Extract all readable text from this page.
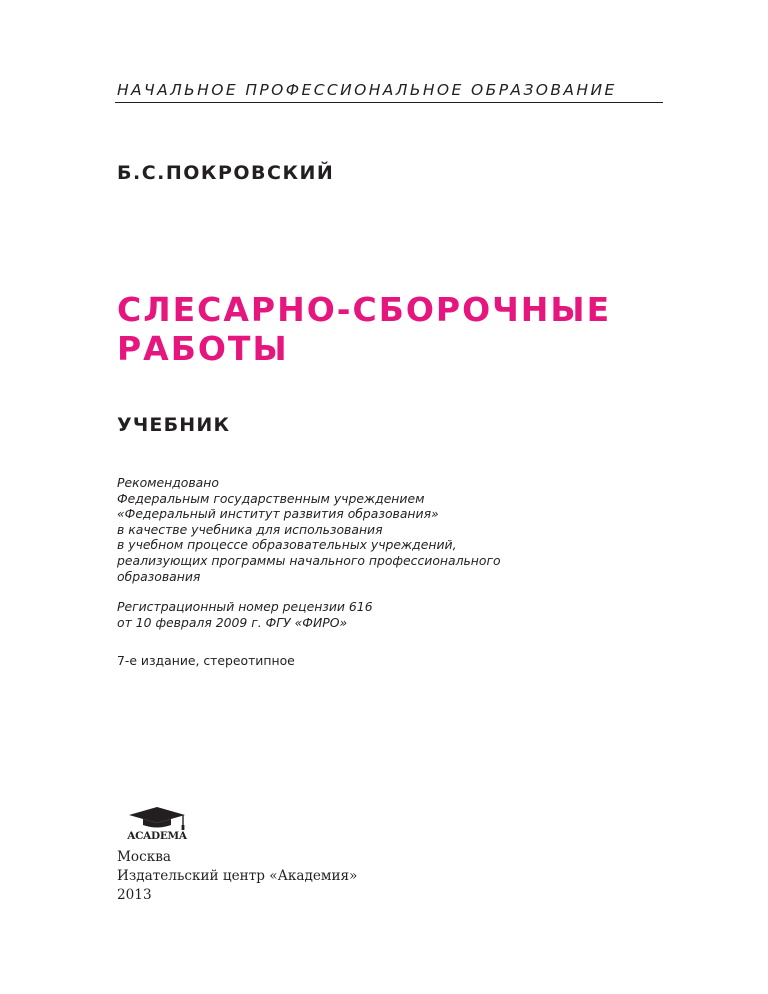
НАЧАЛЬНОЕ ПРОФЕССИОНАЛЬНОЕ ОБРАЗОВАНИЕ
Б.С.ПОКРОВСКИЙ
СЛЕСАРНО-СБОРОЧНЫЕ
РАБОТЫ
УЧЕБНИК
Рекомендовано
Федеральным государственным учреждением
«Федеральный институт развития образования»
в качестве учебника для использования
в учебном процессе образовательных учреждений,
реализующих программы начального профессионального
образования
Регистрационный номер рецензии 616
от 10 февраля 2009 г. ФГУ «ФИРО»
7-е издание, стереотипное
ACADEMA
Москва
Издательский центр «Академия»
2013
